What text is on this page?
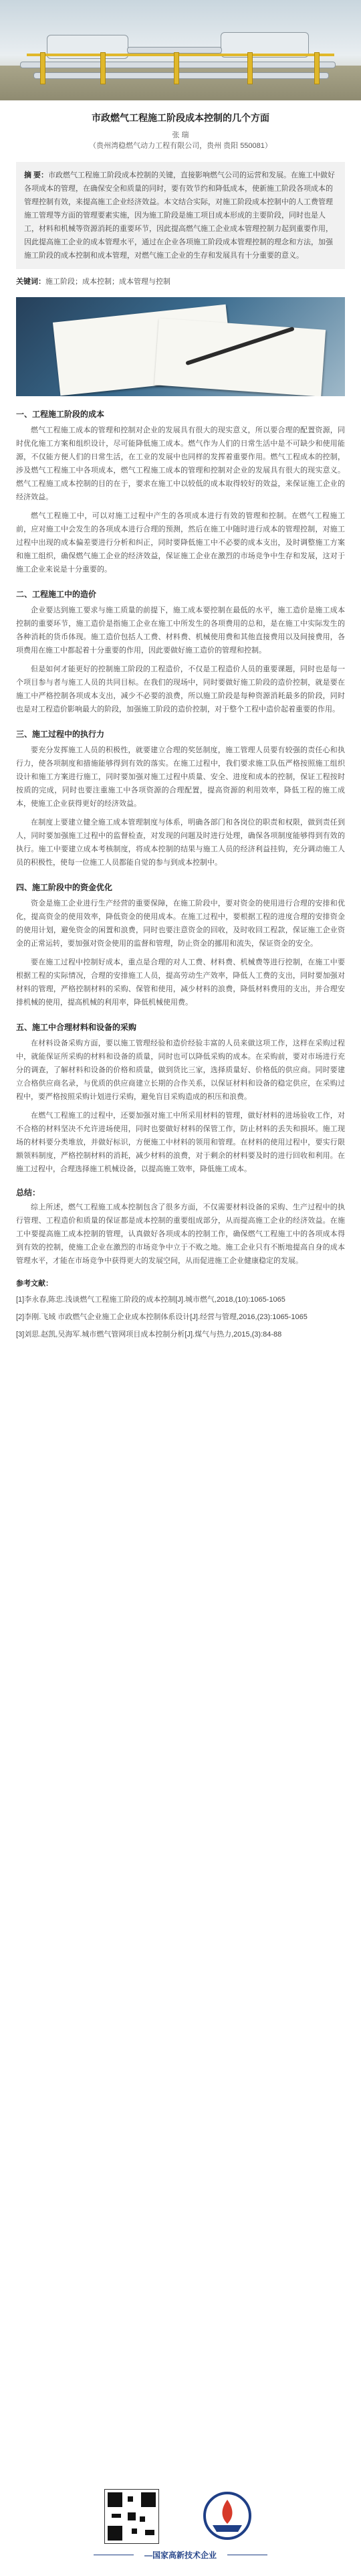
市政燃气工程施工阶段成本控制的几个方面
张 瑞
（贵州湾稳燃气动力工程有限公司，贵州 贵阳 550081）
摘 要：市政燃气工程施工阶段成本控制的关键，直接影响燃气公司的运营和发展。在施工中做好各项成本的管理，在确保安全和质量的同时，要有效节约和降低成本，使新施工阶段各项成本的管理控制有效，来提高施工企业经济效益。本文结合实际，对施工阶段成本控制中的人工费管理施工管理等方面的管理要素实施，因为施工阶段是施工项目成本形成的主要阶段，同时也是人工，材料和机械等资源消耗的重要环节，因此提高燃气施工企业成本管理控制力起到重要作用，因此提高施工企业的成本管理水平，通过在企业各项施工阶段成本管理控制的理念和方法，加强施工阶段的成本控制和成本管理，对燃气施工企业的生存和发展具有十分重要的意义。
关键词：施工阶段；成本控制；成本管理与控制
一、工程施工阶段的成本

燃气工程施工成本的管理和控制对企业的发展具有很大的现实意义，所以要合理的配置资源，同时优化施工方案和组织设计，尽可能降低施工成本。燃气作为人们的日常生活中是不可缺少和使用能源，不仅能方便人们的日常生活，在工业的发展中也同样的发挥着重要作用。燃气工程成本的控制，涉及燃气工程施工中各项成本，燃气工程施工成本的管理和控制对企业的发展具有很大的现实意义。燃气工程施工成本控制的目的在于，要求在施工中以较低的成本取得较好的效益，来保证施工企业的经济效益。

燃气工程施工中，可以对施工过程中产生的各项成本进行有效的管理和控制。在燃气工程施工前，应对施工中会发生的各项成本进行合理的预测，然后在施工中随时进行成本的管理控制，对施工过程中出现的成本偏差要进行分析和纠正，同时要降低施工中不必要的成本支出，及时调整施工方案和施工组织，确保燃气施工企业的经济效益，保证施工企业在激烈的市场竞争中生存和发展，这对于施工企业来说是十分重要的。

二、工程施工中的造价

企业要达到施工要求与施工质量的前提下，施工成本要控制在最低的水平，施工造价是施工成本控制的重要环节，施工造价是指施工企业在施工中所发生的各项费用的总和，是在施工中实际发生的各种消耗的货币体现。施工造价包括人工费、材料费、机械使用费和其他直接费用以及间接费用，各项费用在施工中都起着十分重要的作用，因此要做好施工造价的管理和控制。

但是如何才能更好的控制施工阶段的工程造价，不仅是工程造价人员的重要课题，同时也是每一个项目参与者与施工人员的共同目标。在我们的现场中，同时要做好施工阶段的造价控制，就是要在施工中严格控制各项成本支出，减少不必要的浪费，所以施工阶段是每种资源消耗最多的阶段，同时也是对工程造价影响最大的阶段，加强施工阶段的造价控制，对于整个工程中造价起着重要的作用。

三、施工过程中的执行力

要充分发挥施工人员的积极性，就要建立合理的奖惩制度，施工管理人员要有较强的责任心和执行力，使各项制度和措施能够得到有效的落实。在施工过程中，我们要求施工队伍严格按照施工组织设计和施工方案进行施工，同时要加强对施工过程中质量、安全、进度和成本的控制，保证工程按时按质的完成，同时也要注重施工中各项资源的合理配置，提高资源的利用效率，降低工程的施工成本，使施工企业获得更好的经济效益。

在制度上要建立健全施工成本管理制度与体系，明确各部门和各岗位的职责和权限，做到责任到人，同时要加强施工过程中的监督检查，对发现的问题及时进行处理，确保各项制度能够得到有效的执行。施工中要建立成本考核制度，将成本控制的结果与施工人员的经济利益挂钩，充分调动施工人员的积极性，使每一位施工人员都能自觉的参与到成本控制中。

四、施工阶段中的资金优化

资金是施工企业进行生产经营的重要保障，在施工阶段中，要对资金的使用进行合理的安排和优化，提高资金的使用效率，降低资金的使用成本。在施工过程中，要根据工程的进度合理的安排资金的使用计划，避免资金的闲置和浪费，同时也要注意资金的回收，及时收回工程款，保证施工企业资金的正常运转，要加强对资金使用的监督和管理，防止资金的挪用和流失，保证资金的安全。

要在施工过程中控制好成本，重点是合理的对人工费、材料费、机械费等进行控制，在施工中要根据工程的实际情况，合理的安排施工人员，提高劳动生产效率，降低人工费的支出，同时要加强对材料的管理，严格控制材料的采购、保管和使用，减少材料的浪费，降低材料费用的支出，并合理安排机械的使用，提高机械的利用率，降低机械使用费。

五、施工中合理材料和设备的采购

在材料设备采购方面，要以施工管理经验和造价经验丰富的人员来做这项工作，这样在采购过程中，就能保证所采购的材料和设备的质量，同时也可以降低采购的成本。在采购前，要对市场进行充分的调查，了解材料和设备的价格和质量，做到货比三家，选择质量好、价格低的供应商。同时要建立合格供应商名录，与优质的供应商建立长期的合作关系，以保证材料和设备的稳定供应，在采购过程中，要严格按照采购计划进行采购，避免盲目采购造成的积压和浪费。

在燃气工程施工的过程中，还要加强对施工中所采用材料的管理，做好材料的进场验收工作，对不合格的材料坚决不允许进场使用，同时也要做好材料的保管工作，防止材料的丢失和损坏。施工现场的材料要分类堆放，并做好标识，方便施工中材料的领用和管理。在材料的使用过程中，要实行限额领料制度，严格控制材料的消耗，减少材料的浪费，对于剩余的材料要及时的进行回收和利用。在施工过程中，合理选择施工机械设备，以提高施工效率，降低施工成本。

总结：

综上所述，燃气工程施工成本控制包含了很多方面，不仅需要材料设备的采购、生产过程中的执行管理、工程造价和质量的保证都是成本控制的重要组成部分，从而提高施工企业的经济效益。在施工中要提高施工成本控制的管理，认真做好各项成本的控制工作，确保燃气工程施工中的各项成本得到有效的控制，使施工企业在激烈的市场竞争中立于不败之地。施工企业只有不断地提高自身的成本管理水平，才能在市场竞争中获得更大的发展空间，从而促进施工企业健康稳定的发展。

参考文献：
[1]李永春,陈忠.浅谈燃气工程施工阶段的成本控制[J].城市燃气,2018,(10):1065-1065
[2]李刚.飞域 市政燃气企业施工企业成本控制体系设计[J].经营与管理,2016,(23):1065-1065
[3]刘思.赵凯,吴海军.城市燃气管网项目成本控制分析[J].煤气与热力,2015,(3):84-88
—国家高新技术企业
